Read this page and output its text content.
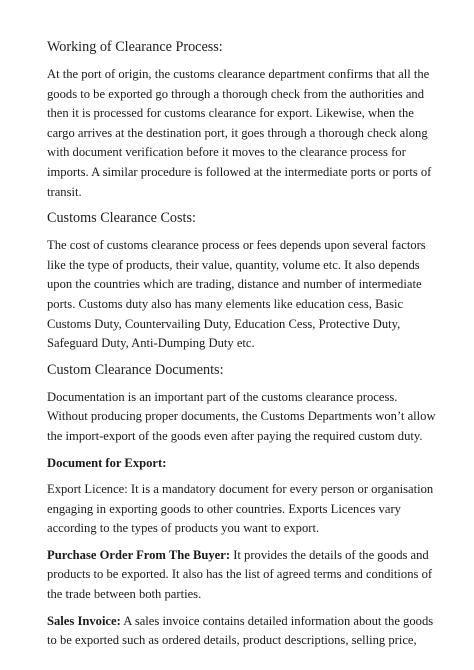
Working of Clearance Process:

At the port of origin, the customs clearance department confirms that all the goods to be exported go through a thorough check from the authorities and then it is processed for customs clearance for export. Likewise, when the cargo arrives at the destination port, it goes through a thorough check along with document verification before it moves to the clearance process for imports. A similar procedure is followed at the intermediate ports or ports of transit.

Customs Clearance Costs:

The cost of customs clearance process or fees depends upon several factors like the type of products, their value, quantity, volume etc. It also depends upon the countries which are trading, distance and number of intermediate ports. Customs duty also has many elements like education cess, Basic Customs Duty, Countervailing Duty, Education Cess, Protective Duty, Safeguard Duty, Anti-Dumping Duty etc.

Custom Clearance Documents:

Documentation is an important part of the customs clearance process. Without producing proper documents, the Customs Departments won’t allow the import-export of the goods even after paying the required custom duty.

Document for Export:

Export Licence: It is a mandatory document for every person or organisation engaging in exporting goods to other countries. Exports Licences vary according to the types of products you want to export.

Purchase Order From The Buyer: It provides the details of the goods and products to be exported. It also has the list of agreed terms and conditions of the trade between both parties.

Sales Invoice: A sales invoice contains detailed information about the goods to be exported such as ordered details, product descriptions, selling price,
